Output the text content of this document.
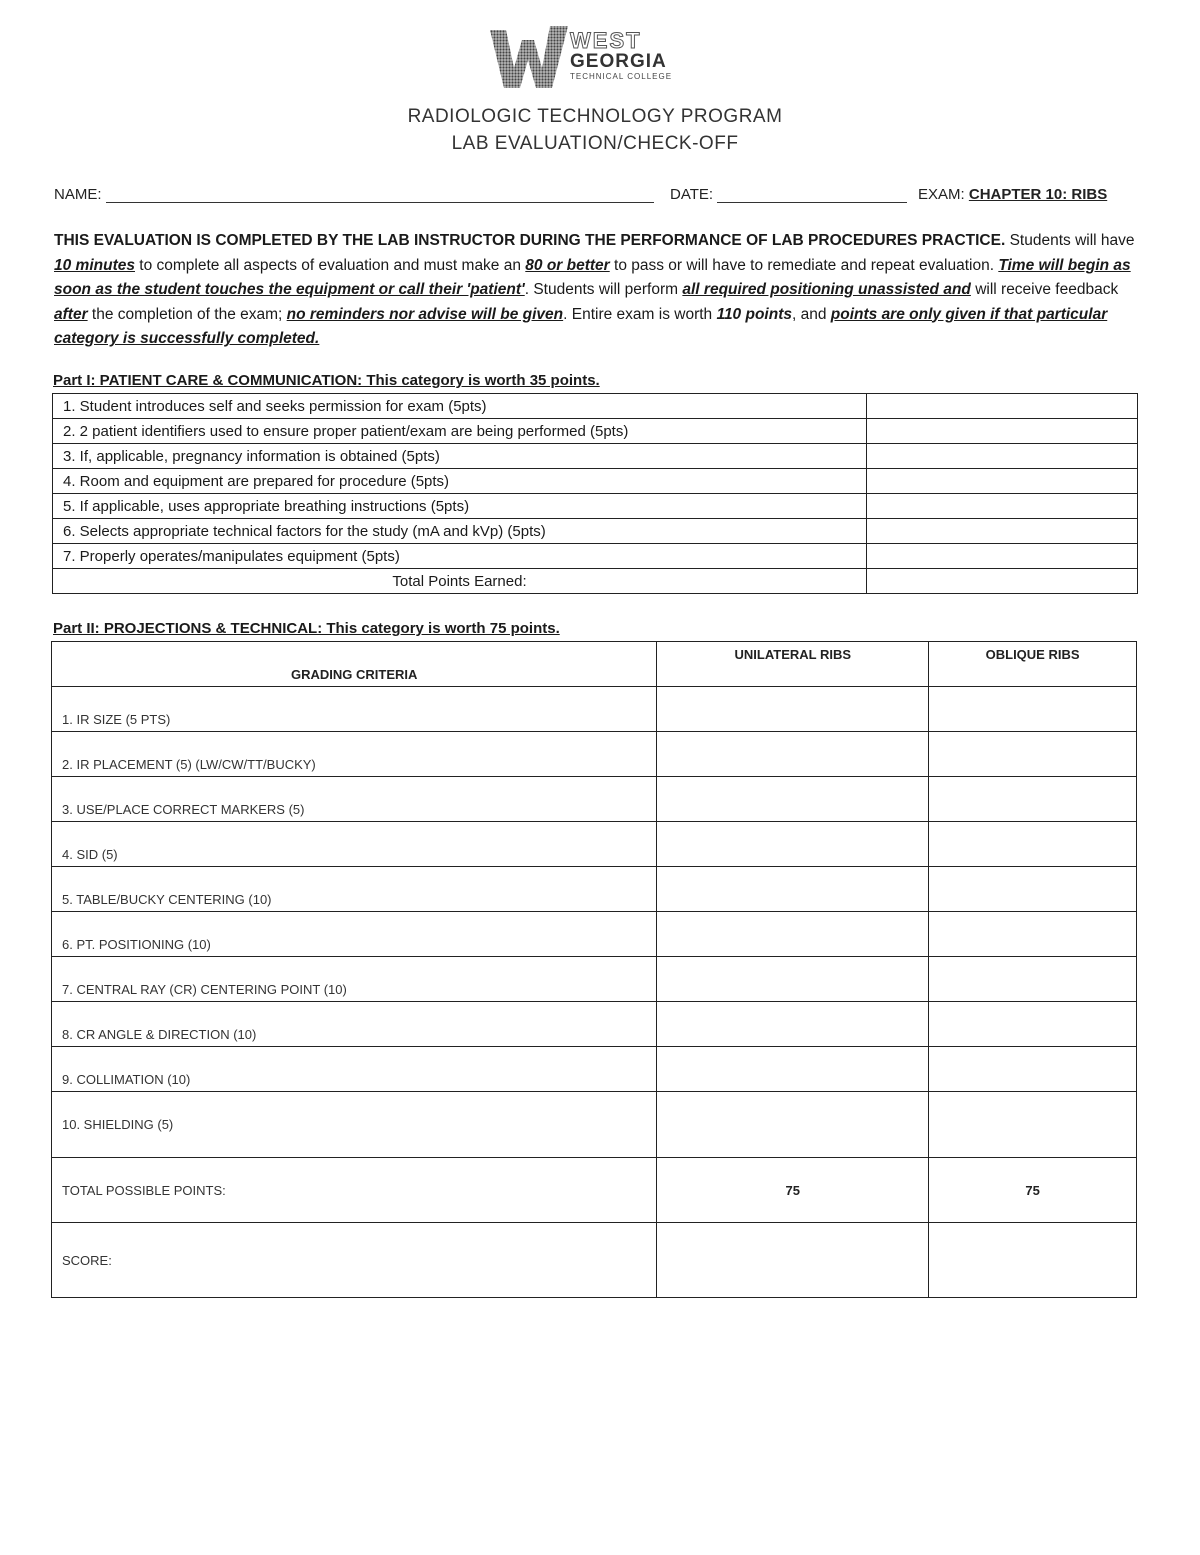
WEST
GEORGIA
TECHNICAL COLLEGE
RADIOLOGIC TECHNOLOGY PROGRAM
LAB EVALUATION/CHECK-OFF
NAME:	DATE:	EXAM: CHAPTER 10: RIBS
THIS EVALUATION IS COMPLETED BY THE LAB INSTRUCTOR DURING THE PERFORMANCE OF LAB PROCEDURES PRACTICE. Students will have 10 minutes to complete all aspects of evaluation and must make an 80 or better to pass or will have to remediate and repeat evaluation. Time will begin as soon as the student touches the equipment or call their 'patient'. Students will perform all required positioning unassisted and will receive feedback after the completion of the exam; no reminders nor advise will be given. Entire exam is worth 110 points, and points are only given if that particular category is successfully completed.
Part I: PATIENT CARE & COMMUNICATION: This category is worth 35 points.
1. Student introduces self and seeks permission for exam (5pts)	
2. 2 patient identifiers used to ensure proper patient/exam are being performed (5pts)	
3. If, applicable, pregnancy information is obtained (5pts)	
4. Room and equipment are prepared for procedure (5pts)	
5. If applicable, uses appropriate breathing instructions (5pts)	
6. Selects appropriate technical factors for the study (mA and kVp) (5pts)	
7. Properly operates/manipulates equipment (5pts)	
Total Points Earned:	
Part II: PROJECTIONS & TECHNICAL: This category is worth 75 points.
GRADING CRITERIA	UNILATERAL RIBS	OBLIQUE RIBS
1. IR SIZE (5 PTS)		
2. IR PLACEMENT (5) (LW/CW/TT/BUCKY)		
3. USE/PLACE CORRECT MARKERS (5)		
4. SID (5)		
5. TABLE/BUCKY CENTERING (10)		
6. PT. POSITIONING (10)		
7. CENTRAL RAY (CR) CENTERING POINT (10)		
8. CR ANGLE & DIRECTION (10)		
9. COLLIMATION (10)		
10. SHIELDING (5)		
TOTAL POSSIBLE POINTS:	75	75
SCORE:		
